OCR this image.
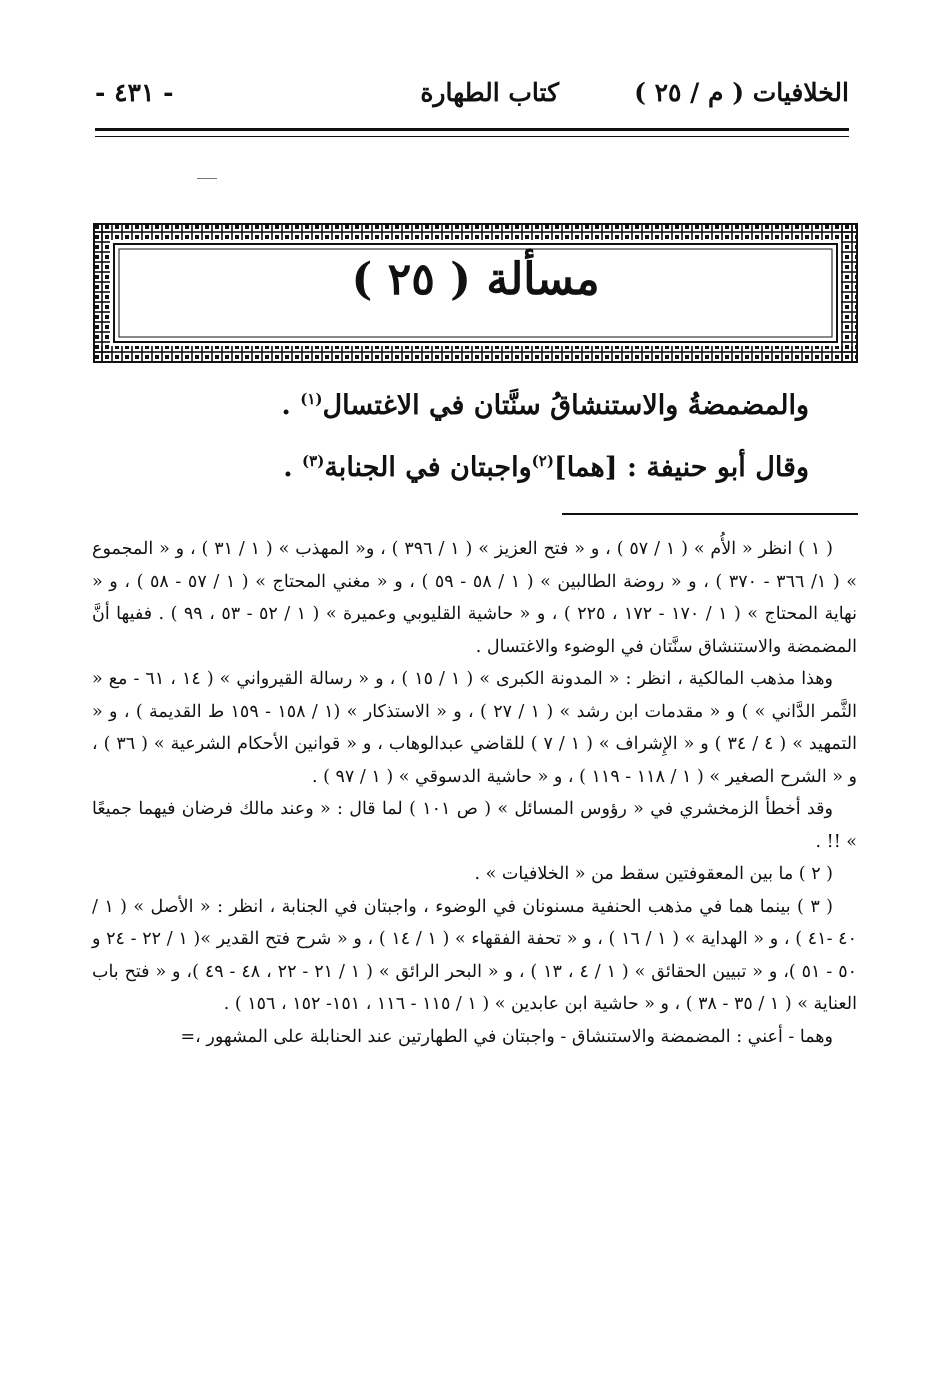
الخلافيات ( م / ٢٥ )
كتاب الطهارة
- ٤٣١ -
مسألة ( ٢٥ )
والمضمضةُ والاستنشاقُ سنَّتان في الاغتسال$^{(١)}$ .
وقال أبو حنيفة : [هما]$^{(٢)}$واجبتان في الجنابة$^{(٣)}$ .

( ١ ) انظر « الأُم » ( ١ / ٥٧ ) ، و « فتح العزيز » ( ١ / ٣٩٦ ) ، و« المهذب » ( ١ / ٣١ ) ، و « المجموع » ( ١/ ٣٦٦ - ٣٧٠ ) ، و « روضة الطالبين » ( ١ / ٥٨ - ٥٩ ) ، و « مغني المحتاج » ( ١ / ٥٧ - ٥٨ ) ، و « نهاية المحتاج » ( ١ / ١٧٠ - ١٧٢ ، ٢٢٥ ) ، و « حاشية القليوبي وعميرة » ( ١ / ٥٢ - ٥٣ ، ٩٩ ) . ففيها أنَّ المضمضة والاستنشاق سنَّتان في الوضوء والاغتسال .

وهذا مذهب المالكية ، انظر : « المدونة الكبرى » ( ١ / ١٥ ) ، و « رسالة القيرواني » ( ١٤ ، ٦١ - مع « الثَّمر الدَّاني » ) و « مقدمات ابن رشد » ( ١ / ٢٧ ) ، و « الاستذكار » (١ / ١٥٨ - ١٥٩ ط القديمة ) ، و « التمهيد » ( ٤ / ٣٤ ) و « الإِشراف » ( ١ / ٧ ) للقاضي عبدالوهاب ، و « قوانين الأحكام الشرعية » ( ٣٦ ) ، و « الشرح الصغير » ( ١ / ١١٨ - ١١٩ ) ، و « حاشية الدسوقي » ( ١ / ٩٧ ) .

وقد أخطأ الزمخشري في « رؤوس المسائل » ( ص ١٠١ ) لما قال : « وعند مالك فرضان فيهما جميعًا » !! .

( ٢ ) ما بين المعقوفتين سقط من « الخلافيات » .

( ٣ ) بينما هما في مذهب الحنفية مسنونان في الوضوء ، واجبتان في الجنابة ، انظر : « الأصل » ( ١ / ٤٠ -٤١ ) ، و « الهداية » ( ١ / ١٦ ) ، و « تحفة الفقهاء » ( ١ / ١٤ ) ، و « شرح فتح القدير »( ١ / ٢٢ - ٢٤ و ٥٠ - ٥١ )، و « تبيين الحقائق » ( ١ / ٤ ، ١٣ ) ، و « البحر الرائق » ( ١ / ٢١ - ٢٢ ، ٤٨ - ٤٩ )، و « فتح باب العناية » ( ١ / ٣٥ - ٣٨ ) ، و « حاشية ابن عابدين » ( ١ / ١١٥ - ١١٦ ، ١٥١- ١٥٢ ، ١٥٦ ) .

وهما - أعني : المضمضة والاستنشاق - واجبتان في الطهارتين عند الحنابلة على المشهور ،=
